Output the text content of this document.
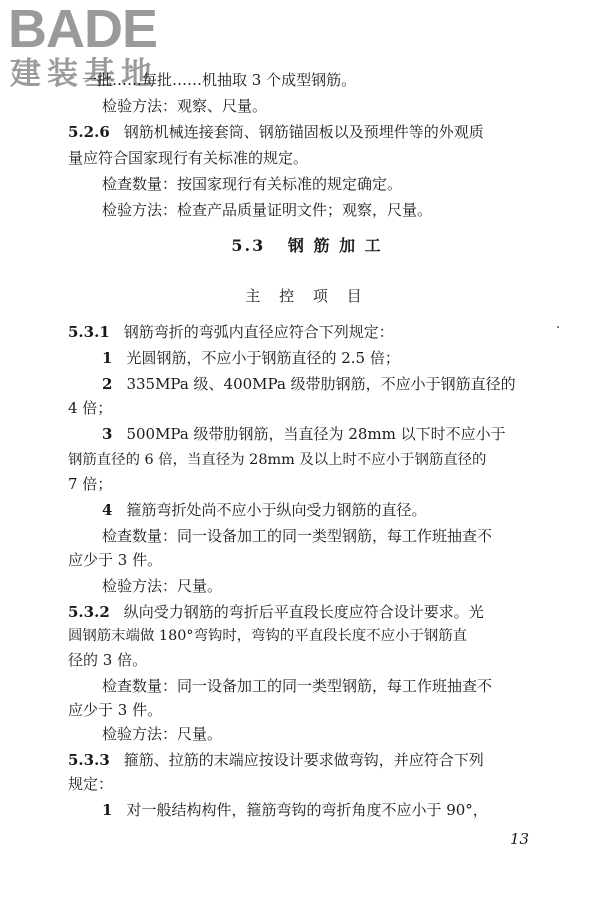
BADE
建装基地
一批……每批……机抽取 3 个成型钢筋。
检验方法：观察、尺量。
5.2.6 钢筋机械连接套筒、钢筋锚固板以及预埋件等的外观质
量应符合国家现行有关标准的规定。
检查数量：按国家现行有关标准的规定确定。
检验方法：检查产品质量证明文件；观察，尺量。
5.3 钢 筋 加 工
主 控 项 目
5.3.1 钢筋弯折的弯弧内直径应符合下列规定：
1 光圆钢筋，不应小于钢筋直径的 2.5 倍；
2 335MPa 级、400MPa 级带肋钢筋，不应小于钢筋直径的
4 倍；
3 500MPa 级带肋钢筋，当直径为 28mm 以下时不应小于
钢筋直径的 6 倍，当直径为 28mm 及以上时不应小于钢筋直径的
7 倍；
4 箍筋弯折处尚不应小于纵向受力钢筋的直径。
检查数量：同一设备加工的同一类型钢筋，每工作班抽查不
应少于 3 件。
检验方法：尺量。
5.3.2 纵向受力钢筋的弯折后平直段长度应符合设计要求。光
圆钢筋末端做 180°弯钩时，弯钩的平直段长度不应小于钢筋直
径的 3 倍。
检查数量：同一设备加工的同一类型钢筋，每工作班抽查不
应少于 3 件。
检验方法：尺量。
5.3.3 箍筋、拉筋的末端应按设计要求做弯钩，并应符合下列
规定：
1 对一般结构构件，箍筋弯钩的弯折角度不应小于 90°，
13
